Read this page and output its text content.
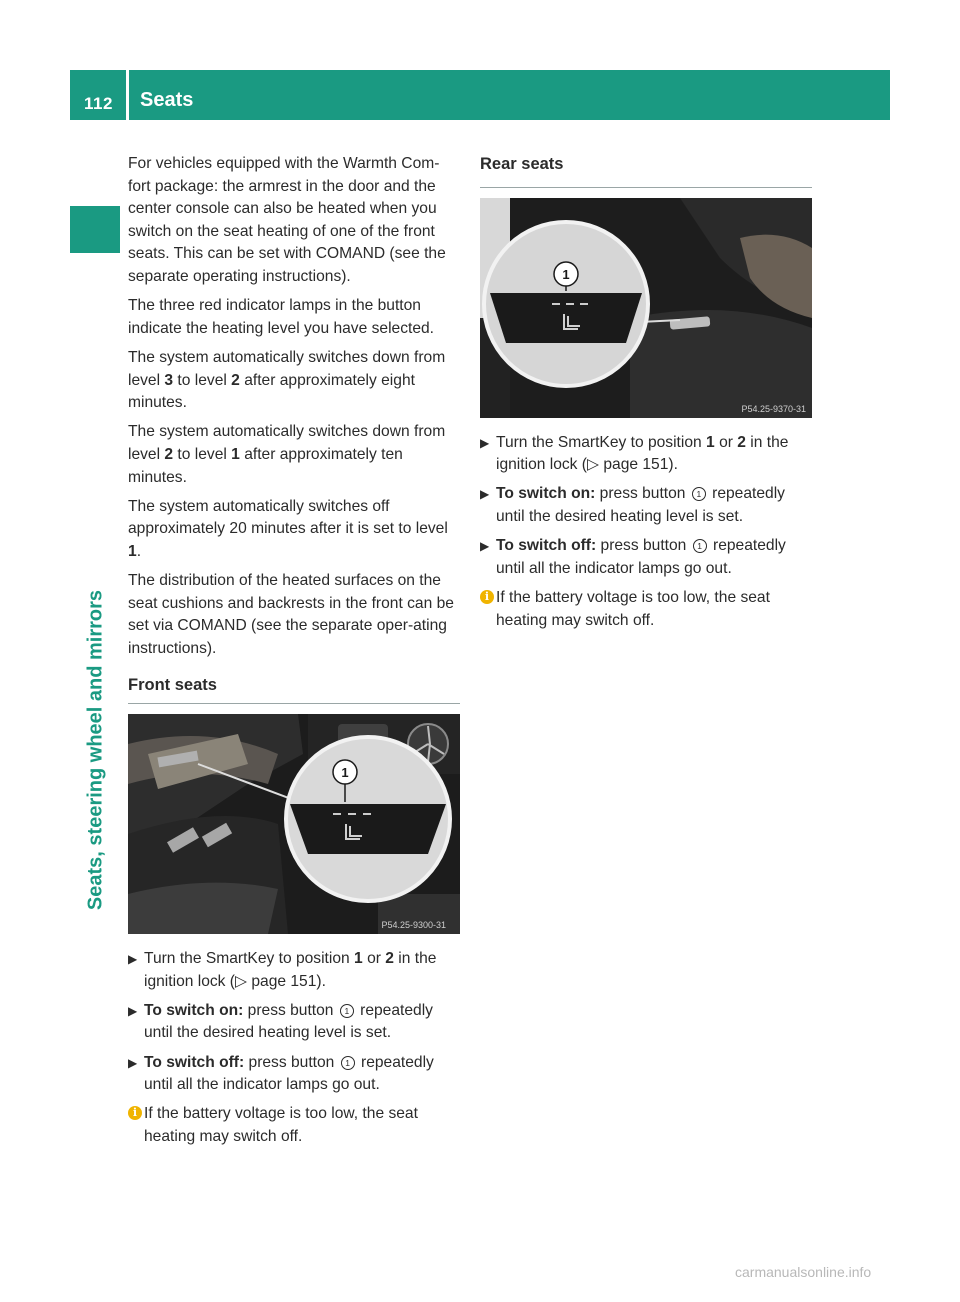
112 Seats
Seats, steering wheel and mirrors

For vehicles equipped with the Warmth Com-fort package: the armrest in the door and the center console can also be heated when you switch on the seat heating of one of the front seats. This can be set with COMAND (see the separate operating instructions).

The three red indicator lamps in the button indicate the heating level you have selected.

The system automatically switches down from level 3 to level 2 after approximately eight minutes.

The system automatically switches down from level 2 to level 1 after approximately ten minutes.

The system automatically switches off approximately 20 minutes after it is set to level 1.

The distribution of the heated surfaces on the seat cushions and backrests in the front can be set via COMAND (see the separate oper-ating instructions).

Front seats
1
P54.25-9300-31
▶ Turn the SmartKey to position 1 or 2 in the ignition lock (▷ page 151).
▶ To switch on: press button 1 repeatedly until the desired heating level is set.
▶ To switch off: press button 1 repeatedly until all the indicator lamps go out.
i If the battery voltage is too low, the seat heating may switch off.
Rear seats
1
P54.25-9370-31
▶ Turn the SmartKey to position 1 or 2 in the ignition lock (▷ page 151).
▶ To switch on: press button 1 repeatedly until the desired heating level is set.
▶ To switch off: press button 1 repeatedly until all the indicator lamps go out.
i If the battery voltage is too low, the seat heating may switch off.
carmanualsonline.info
